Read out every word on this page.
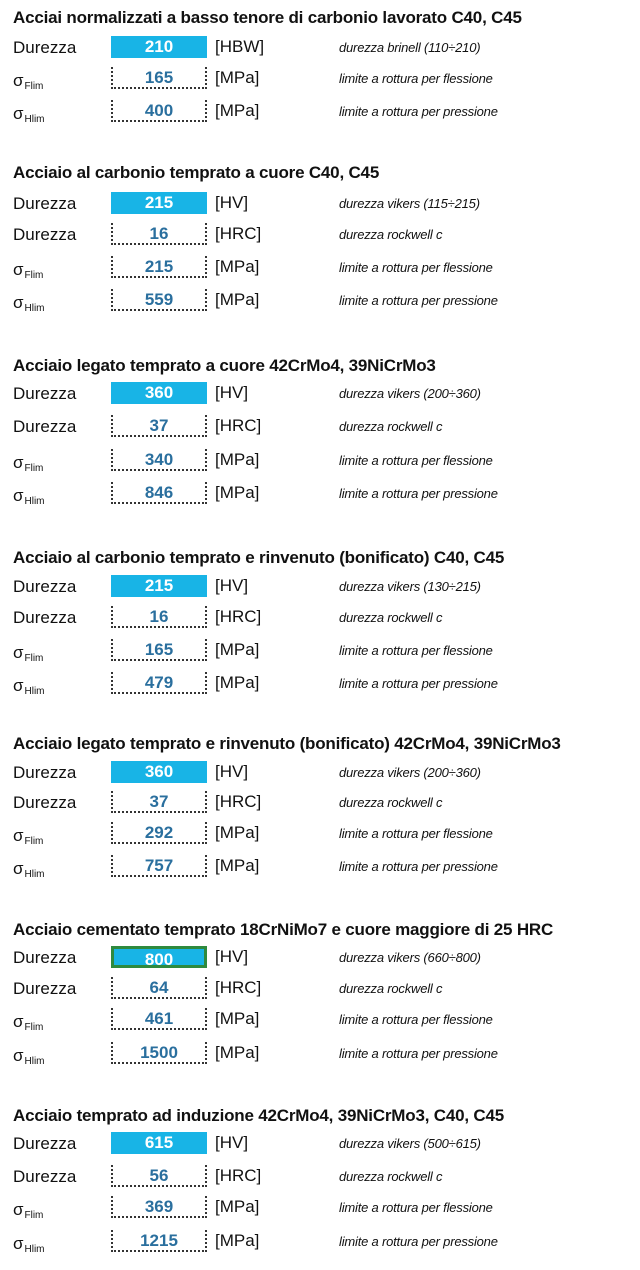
Acciai normalizzati a basso tenore di carbonio lavorato C40, C45
Durezza	210	[HBW]	durezza brinell (110÷210)
$\sigma_{Flim}$	165	[MPa]	limite a rottura per flessione
$\sigma_{Hlim}$	400	[MPa]	limite a rottura per pressione
Acciaio al carbonio temprato a cuore C40, C45
Durezza	215	[HV]	durezza vikers (115÷215)
Durezza	16	[HRC]	durezza rockwell c
$\sigma_{Flim}$	215	[MPa]	limite a rottura per flessione
$\sigma_{Hlim}$	559	[MPa]	limite a rottura per pressione
Acciaio legato temprato a cuore 42CrMo4, 39NiCrMo3
Durezza	360	[HV]	durezza vikers (200÷360)
Durezza	37	[HRC]	durezza rockwell c
$\sigma_{Flim}$	340	[MPa]	limite a rottura per flessione
$\sigma_{Hlim}$	846	[MPa]	limite a rottura per pressione
Acciaio al carbonio temprato e rinvenuto (bonificato) C40, C45
Durezza	215	[HV]	durezza vikers (130÷215)
Durezza	16	[HRC]	durezza rockwell c
$\sigma_{Flim}$	165	[MPa]	limite a rottura per flessione
$\sigma_{Hlim}$	479	[MPa]	limite a rottura per pressione
Acciaio legato temprato e rinvenuto (bonificato) 42CrMo4, 39NiCrMo3
Durezza	360	[HV]	durezza vikers (200÷360)
Durezza	37	[HRC]	durezza rockwell c
$\sigma_{Flim}$	292	[MPa]	limite a rottura per flessione
$\sigma_{Hlim}$	757	[MPa]	limite a rottura per pressione
Acciaio cementato temprato 18CrNiMo7 e cuore maggiore di 25 HRC
Durezza	800	[HV]	durezza vikers (660÷800)
Durezza	64	[HRC]	durezza rockwell c
$\sigma_{Flim}$	461	[MPa]	limite a rottura per flessione
$\sigma_{Hlim}$	1500	[MPa]	limite a rottura per pressione
Acciaio temprato ad induzione 42CrMo4, 39NiCrMo3, C40, C45
Durezza	615	[HV]	durezza vikers (500÷615)
Durezza	56	[HRC]	durezza rockwell c
$\sigma_{Flim}$	369	[MPa]	limite a rottura per flessione
$\sigma_{Hlim}$	1215	[MPa]	limite a rottura per pressione
